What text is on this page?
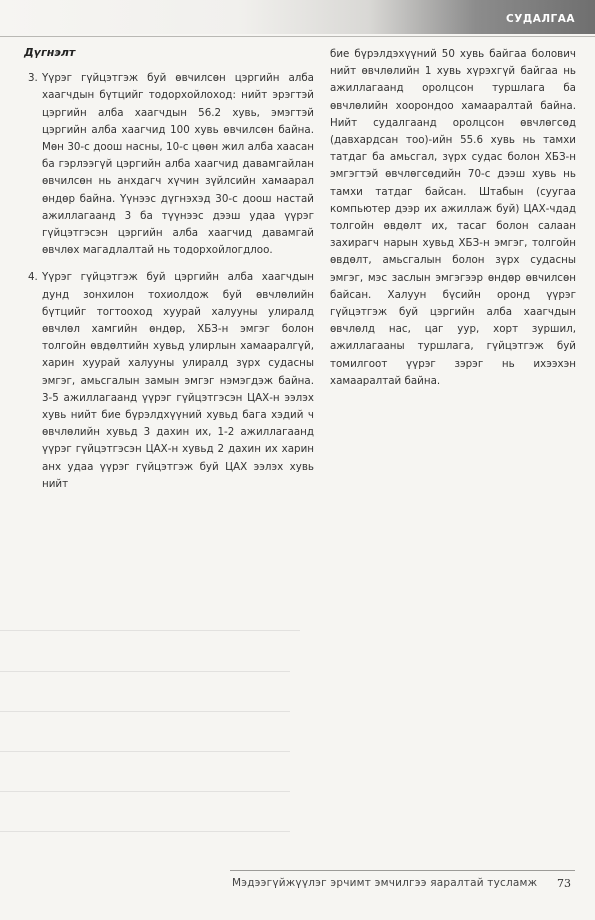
СУДАЛГАА
Дүгнэлт
3. Үүрэг гүйцэтгэж буй өвчилсөн цэргийн алба хаагчдын бүтцийг тодорхойлоход: нийт эрэгтэй цэргийн алба хаагчдын 56.2 хувь, эмэгтэй цэргийн алба хаагчид 100 хувь өвчилсөн байна. Мөн 30-с доош насны, 10-с цөөн жил алба хаасан ба гэрлээгүй цэргийн алба хаагчид давамгайлан өвчилсөн нь анхдагч хүчин зүйлсийн хамаарал өндөр байна. Үүнээс дүгнэхэд 30-с доош настай ажиллагаанд 3 ба түүнээс дээш удаа үүрэг гүйцэтгэсэн цэргийн алба хаагчид давамгай өвчлөх магадлалтай нь тодорхойлогдлоо.

4. Үүрэг гүйцэтгэж буй цэргийн алба хаагчдын дунд зонхилон тохиолдож буй өвчлөлийн бүтцийг тогтооход хуурай халууны улиралд өвчлөл хамгийн өндөр, ХБЗ-н эмгэг болон толгойн өвдөлтийн хувьд улирлын хамааралгүй, харин хуурай халууны улиралд зүрх судасны эмгэг, амьсгалын замын эмгэг нэмэгдэж байна. 3-5 ажиллагаанд үүрэг гүйцэтгэсэн ЦАХ-н ээлэх хувь нийт бие бүрэлдхүүний хувьд бага хэдий ч өвчлөлийн хувьд 3 дахин их, 1-2 ажиллагаанд үүрэг гүйцэтгэсэн ЦАХ-н хувьд 2 дахин их харин анх удаа үүрэг гүйцэтгэж буй ЦАХ ээлэх хувь нийт

бие бүрэлдэхүүний 50 хувь байгаа болович нийт өвчлөлийн 1 хувь хүрэхгүй байгаа нь ажиллагаанд оролцсон туршлага ба өвчлөлийн хоорондоо хамааралтай байна. Нийт судалгаанд оролцсон өвчлөгсөд (давхардсан тоо)-ийн 55.6 хувь нь тамхи татдаг ба амьсгал, зүрх судас болон ХБЗ-н эмгэгтэй өвчлөгсөдийн 70-с дээш хувь нь тамхи татдаг байсан. Штабын (суугаа компьютер дээр их ажиллаж буй) ЦАХ-чдад толгойн өвдөлт их, тасаг болон салаан захирагч нарын хувьд ХБЗ-н эмгэг, толгойн өвдөлт, амьсгалын болон зүрх судасны эмгэг, мэс заслын эмгэгээр өндөр өвчилсөн байсан. Халуун бүсийн оронд үүрэг гүйцэтгэж буй цэргийн алба хаагчдын өвчлөлд нас, цаг уур, хорт зуршил, ажиллагааны туршлага, гүйцэтгэж буй томилгоот үүрэг зэрэг нь ихээхэн хамааралтай байна.

Мэдээгүйжүүлэг эрчимт эмчилгээ яаралтай тусламж 73
